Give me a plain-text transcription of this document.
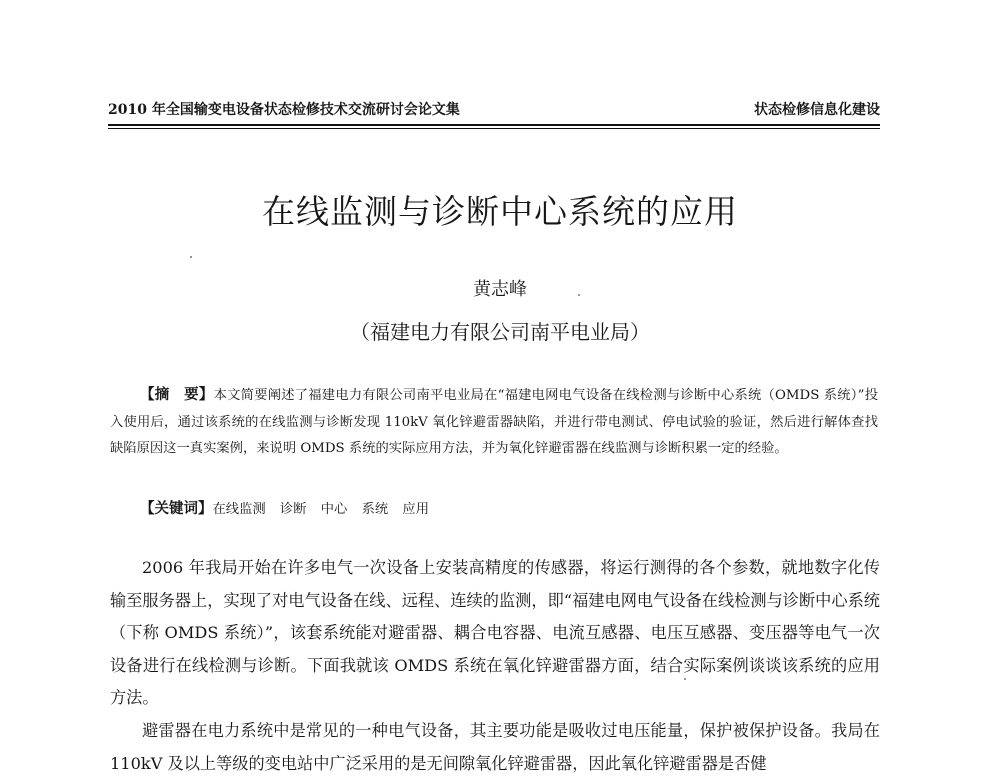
2010 年全国输变电设备状态检修技术交流研讨会论文集	状态检修信息化建设
在线监测与诊断中心系统的应用
黄志峰
（福建电力有限公司南平电业局）
【摘　要】本文简要阐述了福建电力有限公司南平电业局在“福建电网电气设备在线检测与诊断中心系统（OMDS 系统）”投入使用后，通过该系统的在线监测与诊断发现 110kV 氧化锌避雷器缺陷，并进行带电测试、停电试验的验证，然后进行解体查找缺陷原因这一真实案例，来说明 OMDS 系统的实际应用方法，并为氧化锌避雷器在线监测与诊断积累一定的经验。
【关键词】在线监测 诊断 中心 系统 应用

2006 年我局开始在许多电气一次设备上安装高精度的传感器，将运行测得的各个参数，就地数字化传输至服务器上，实现了对电气设备在线、远程、连续的监测，即“福建电网电气设备在线检测与诊断中心系统（下称 OMDS 系统）”，该套系统能对避雷器、耦合电容器、电流互感器、电压互感器、变压器等电气一次设备进行在线检测与诊断。下面我就该 OMDS 系统在氧化锌避雷器方面，结合实际案例谈谈该系统的应用方法。

避雷器在电力系统中是常见的一种电气设备，其主要功能是吸收过电压能量，保护被保护设备。我局在 110kV 及以上等级的变电站中广泛采用的是无间隙氧化锌避雷器，因此氧化锌避雷器是否健
